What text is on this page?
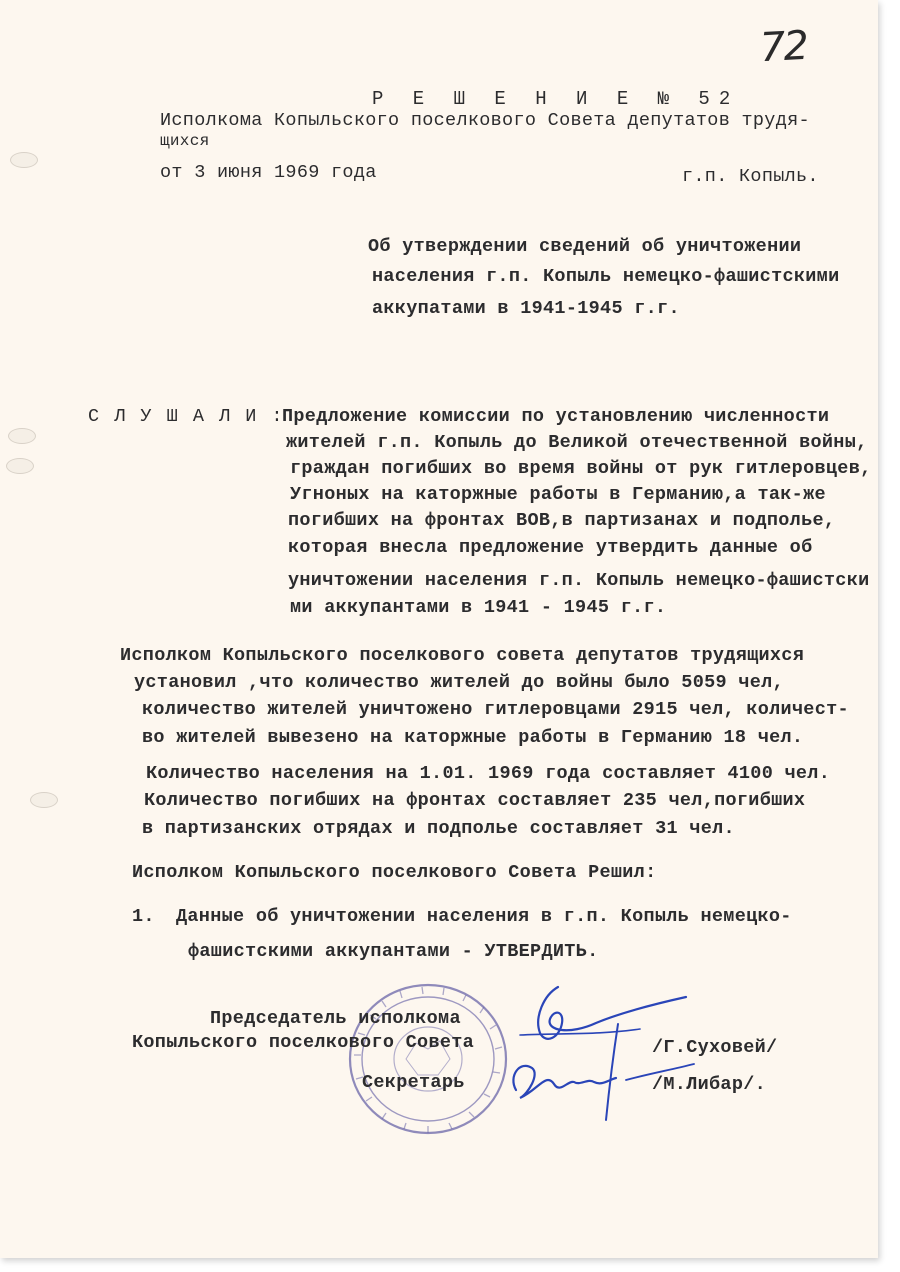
72
Р Е Ш Е Н И Е № 52
Исполкома Копыльского поселкового Совета депутатов трудя-
щихся
от 3 июня 1969 года	г.п. Копыль.
Об утверждении сведений об уничтожении
населения г.п. Копыль немецко-фашистскими
аккупатами в 1941-1945 г.г.
С Л У Ш А Л И :
Предложение комиссии по установлению численности
жителей г.п. Копыль до Великой отечественной войны,
граждан погибших во время войны от рук гитлеровцев,
Угноных на каторжные работы в Германию,а так-же
погибших на фронтах ВОВ,в партизанах и подполье,
которая внесла предложение утвердить данные об
уничтожении населения г.п. Копыль немецко-фашистски
ми аккупантами в 1941 - 1945 г.г.
Исполком Копыльского поселкового совета депутатов трудящихся
установил ,что количество жителей до войны было 5059 чел,
количество жителей уничтожено гитлеровцами 2915 чел, количест-
во жителей вывезено на каторжные работы в Германию 18 чел.
Количество населения на 1.01. 1969 года составляет 4100 чел.
Количество погибших на фронтах составляет 235 чел,погибших
в партизанских отрядах и подполье составляет 31 чел.
Исполком Копыльского поселкового Совета Решил:
1. Данные об уничтожении населения в г.п. Копыль немецко-
фашистскими аккупантами - УТВЕРДИТЬ.
Председатель исполкома
Копыльского поселкового Совета	/Г.Суховей/
Секретарь	/М.Либар/.
